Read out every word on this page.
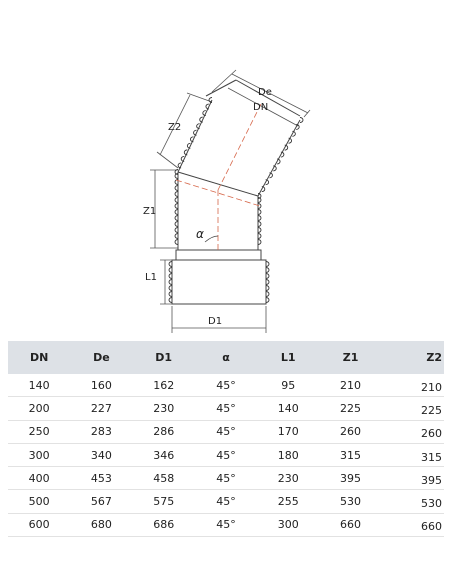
De
DN
Z2
Z1
α
L1
D1
DN	De	D1	α	L1	Z1	Z2
140	160	162	45°	95	210	210
200	227	230	45°	140	225	225
250	283	286	45°	170	260	260
300	340	346	45°	180	315	315
400	453	458	45°	230	395	395
500	567	575	45°	255	530	530
600	680	686	45°	300	660	660
